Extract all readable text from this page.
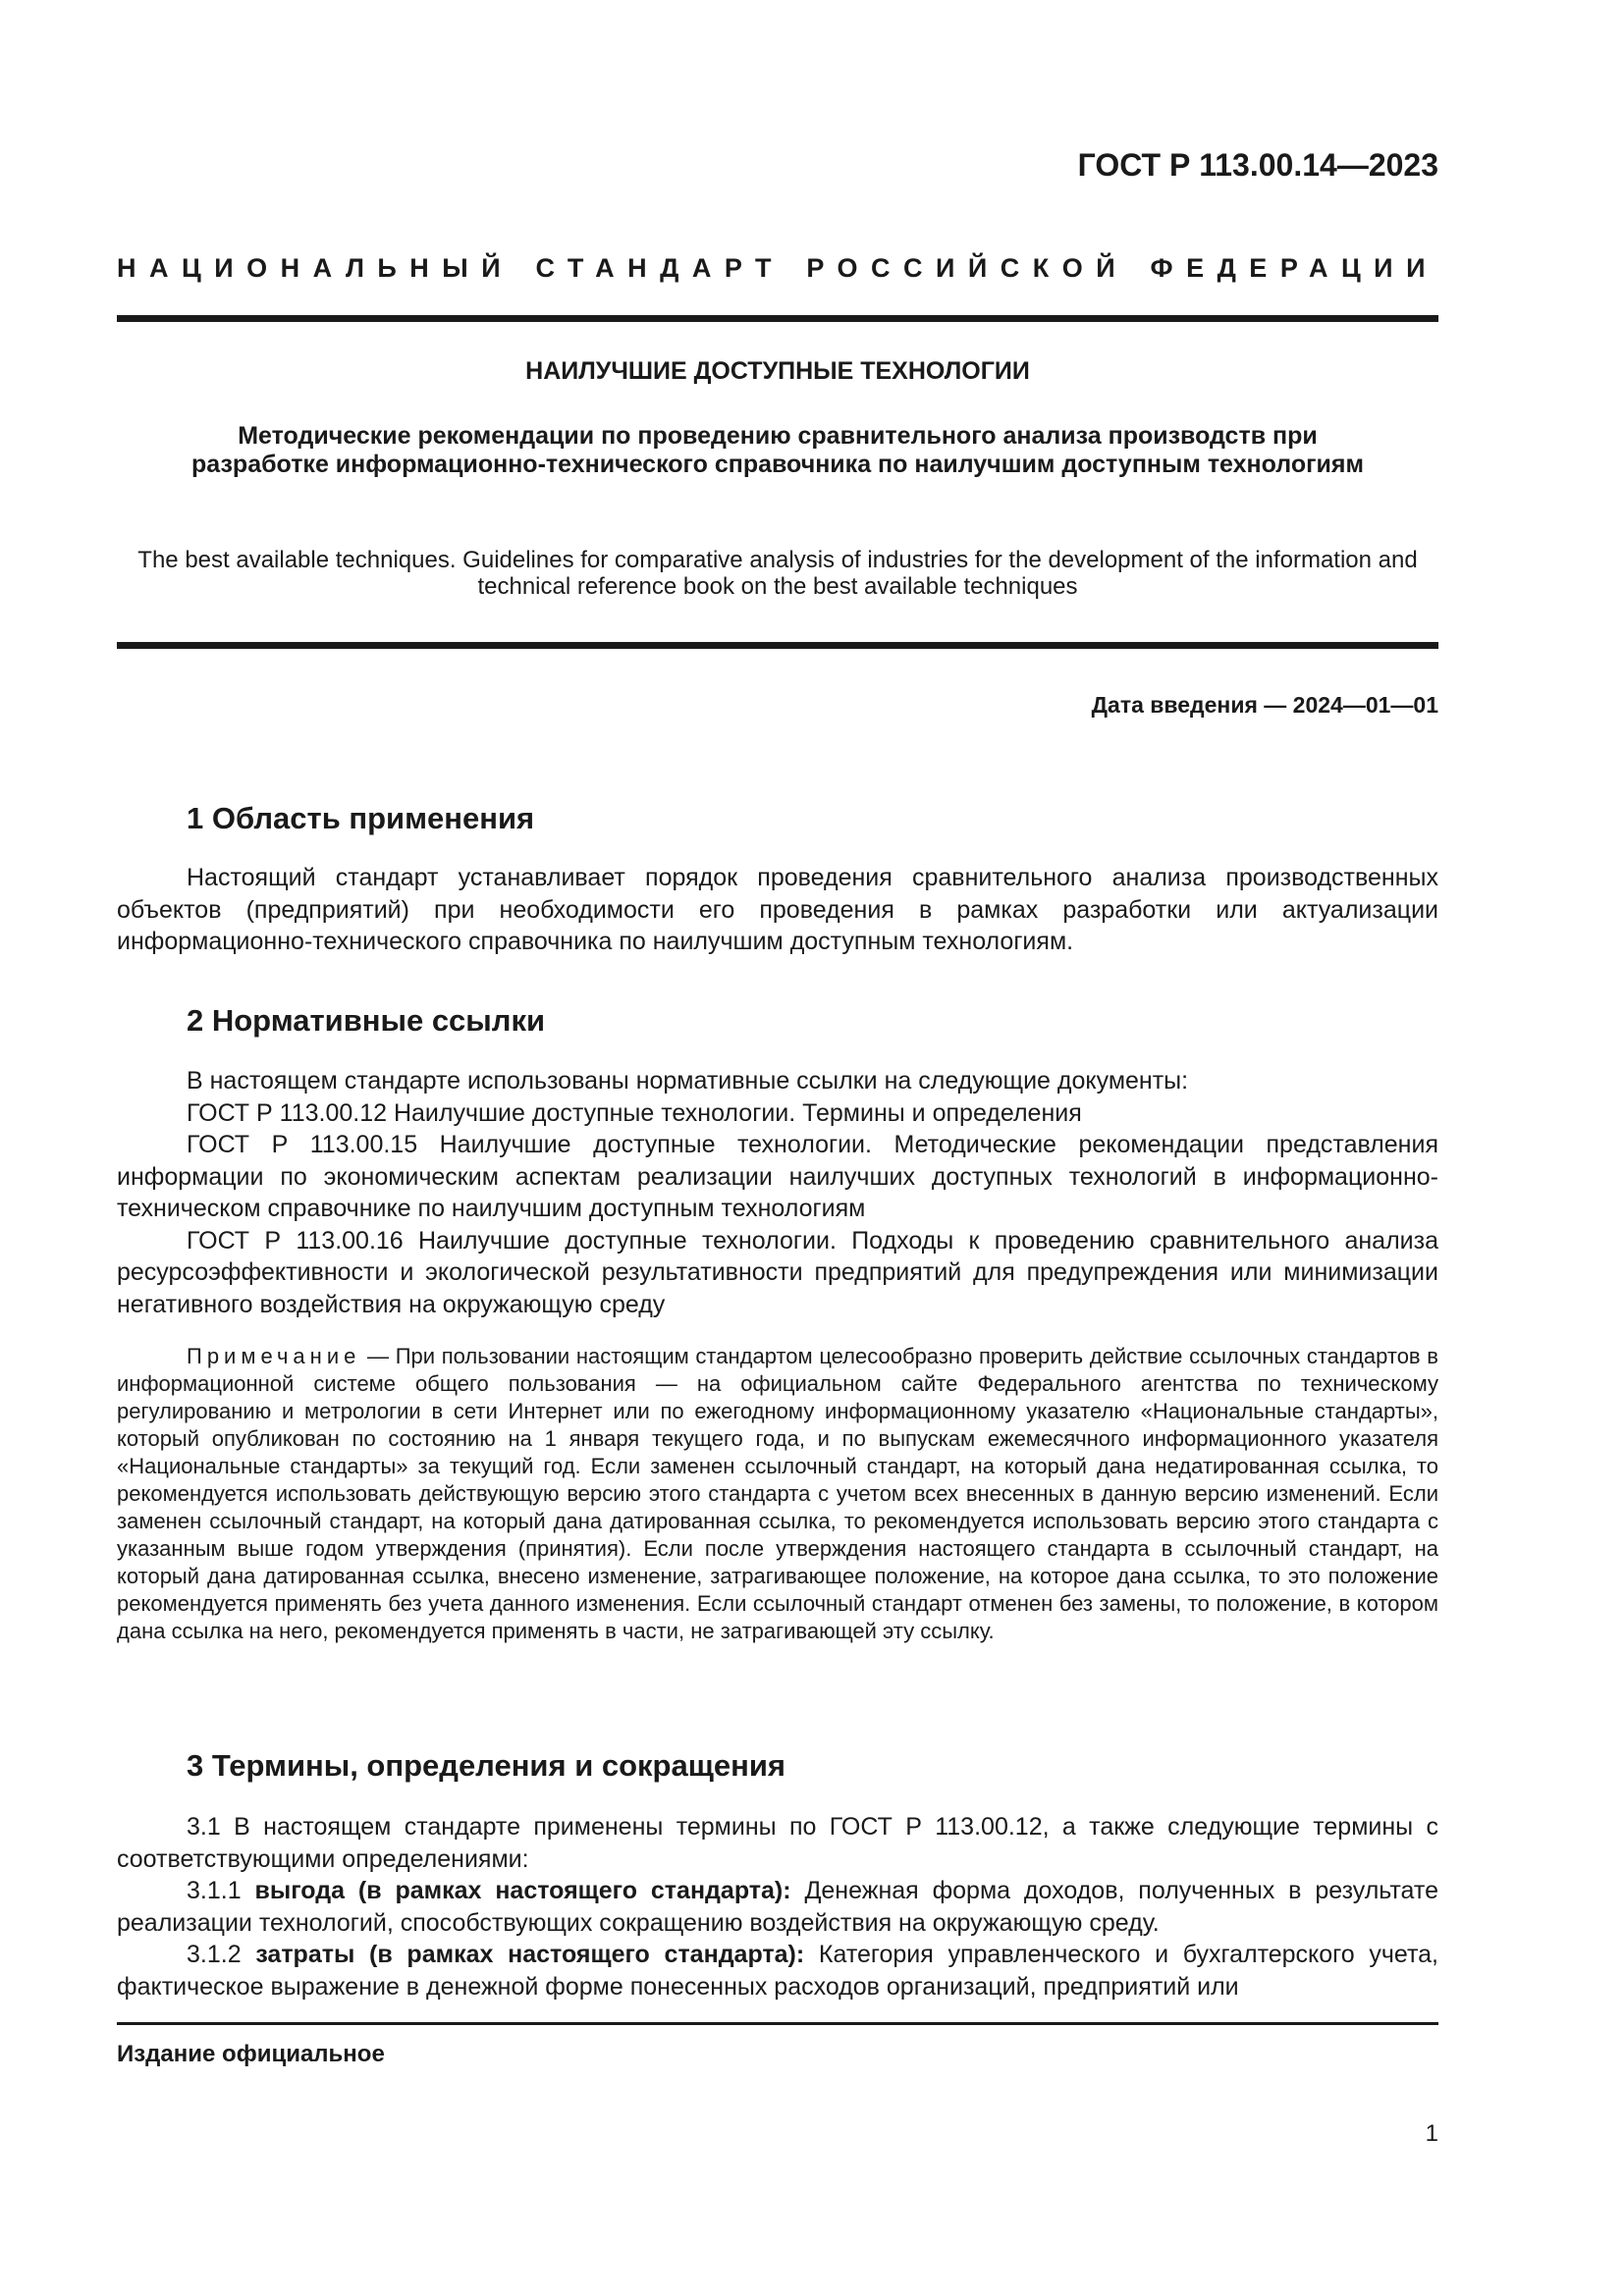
ГОСТ Р 113.00.14—2023
НАЦИОНАЛЬНЫЙ СТАНДАРТ РОССИЙСКОЙ ФЕДЕРАЦИИ
НАИЛУЧШИЕ ДОСТУПНЫЕ ТЕХНОЛОГИИ
Методические рекомендации по проведению сравнительного анализа производств при разработке информационно-технического справочника по наилучшим доступным технологиям
The best available techniques. Guidelines for comparative analysis of industries for the development of the information and technical reference book on the best available techniques
Дата введения — 2024—01—01
1 Область применения

Настоящий стандарт устанавливает порядок проведения сравнительного анализа производственных объектов (предприятий) при необходимости его проведения в рамках разработки или актуализации информационно-технического справочника по наилучшим доступным технологиям.

2 Нормативные ссылки

В настоящем стандарте использованы нормативные ссылки на следующие документы:

ГОСТ Р 113.00.12 Наилучшие доступные технологии. Термины и определения

ГОСТ Р 113.00.15 Наилучшие доступные технологии. Методические рекомендации представления информации по экономическим аспектам реализации наилучших доступных технологий в информационно-техническом справочнике по наилучшим доступным технологиям

ГОСТ Р 113.00.16 Наилучшие доступные технологии. Подходы к проведению сравнительного анализа ресурсоэффективности и экологической результативности предприятий для предупреждения или минимизации негативного воздействия на окружающую среду

Примечание — При пользовании настоящим стандартом целесообразно проверить действие ссылочных стандартов в информационной системе общего пользования — на официальном сайте Федерального агентства по техническому регулированию и метрологии в сети Интернет или по ежегодному информационному указателю «Национальные стандарты», который опубликован по состоянию на 1 января текущего года, и по выпускам ежемесячного информационного указателя «Национальные стандарты» за текущий год. Если заменен ссылочный стандарт, на который дана недатированная ссылка, то рекомендуется использовать действующую версию этого стандарта с учетом всех внесенных в данную версию изменений. Если заменен ссылочный стандарт, на который дана датированная ссылка, то рекомендуется использовать версию этого стандарта с указанным выше годом утверждения (принятия). Если после утверждения настоящего стандарта в ссылочный стандарт, на который дана датированная ссылка, внесено изменение, затрагивающее положение, на которое дана ссылка, то это положение рекомендуется применять без учета данного изменения. Если ссылочный стандарт отменен без замены, то положение, в котором дана ссылка на него, рекомендуется применять в части, не затрагивающей эту ссылку.

3 Термины, определения и сокращения

3.1 В настоящем стандарте применены термины по ГОСТ Р 113.00.12, а также следующие термины с соответствующими определениями:

3.1.1 выгода (в рамках настоящего стандарта): Денежная форма доходов, полученных в результате реализации технологий, способствующих сокращению воздействия на окружающую среду.

3.1.2 затраты (в рамках настоящего стандарта): Категория управленческого и бухгалтерского учета, фактическое выражение в денежной форме понесенных расходов организаций, предприятий или

Издание официальное
1
